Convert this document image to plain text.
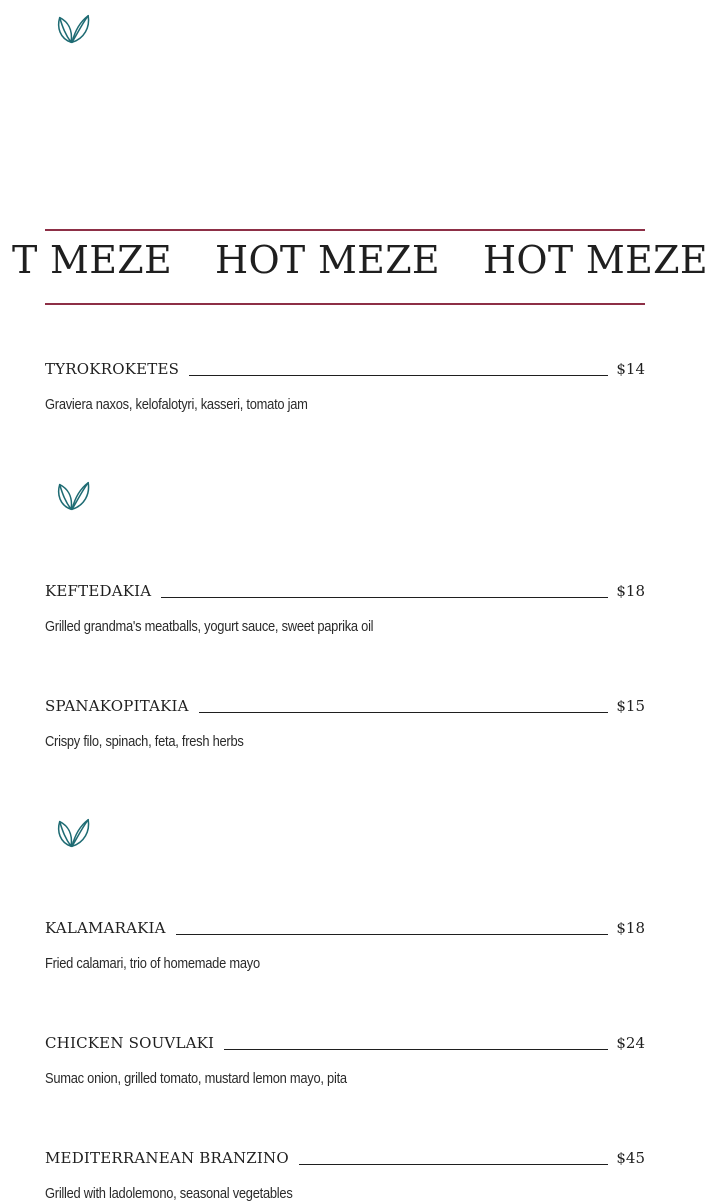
T MEZE HOT MEZE HOT MEZE
TYROKROKETES	$14
Graviera naxos, kelofalotyri, kasseri, tomato jam
KEFTEDAKIA	$18
Grilled grandma's meatballs, yogurt sauce, sweet paprika oil
SPANAKOPITAKIA	$15
Crispy filo, spinach, feta, fresh herbs
KALAMARAKIA	$18
Fried calamari, trio of homemade mayo
CHICKEN SOUVLAKI	$24
Sumac onion, grilled tomato, mustard lemon mayo, pita
MEDITERRANEAN BRANZINO	$45
Grilled with ladolemono, seasonal vegetables
